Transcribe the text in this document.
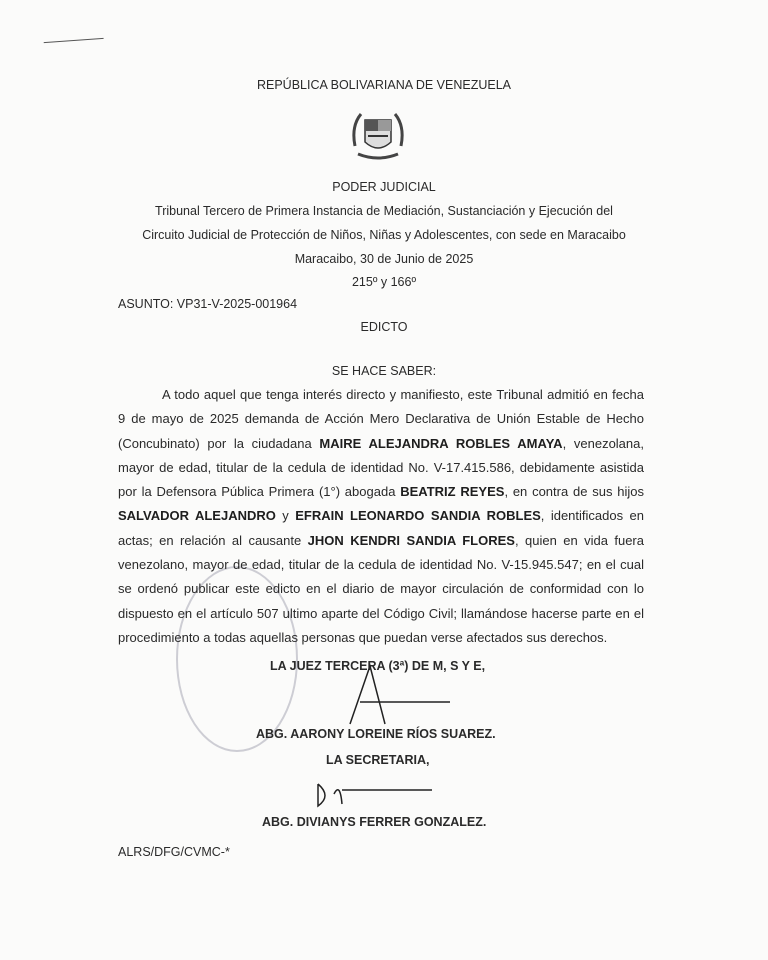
REPÚBLICA BOLIVARIANA DE VENEZUELA
PODER JUDICIAL
Tribunal Tercero de Primera Instancia de Mediación, Sustanciación y Ejecución del
Circuito Judicial de Protección de Niños, Niñas y Adolescentes, con sede en Maracaibo
Maracaibo, 30 de Junio de 2025
215º y 166º
ASUNTO: VP31-V-2025-001964
EDICTO
SE HACE SABER:

A todo aquel que tenga interés directo y manifiesto, este Tribunal admitió en fecha 9 de mayo de 2025 demanda de Acción Mero Declarativa de Unión Estable de Hecho (Concubinato) por la ciudadana MAIRE ALEJANDRA ROBLES AMAYA, venezolana, mayor de edad, titular de la cedula de identidad No. V-17.415.586, debidamente asistida por la Defensora Pública Primera (1°) abogada BEATRIZ REYES, en contra de sus hijos SALVADOR ALEJANDRO y EFRAIN LEONARDO SANDIA ROBLES, identificados en actas; en relación al causante JHON KENDRI SANDIA FLORES, quien en vida fuera venezolano, mayor de edad, titular de la cedula de identidad No. V-15.945.547; en el cual se ordenó publicar este edicto en el diario de mayor circulación de conformidad con lo dispuesto en el artículo 507 ultimo aparte del Código Civil; llamándose hacerse parte en el procedimiento a todas aquellas personas que puedan verse afectados sus derechos.

LA JUEZ TERCERA (3ª) DE M, S Y E,
ABG. AARONY LOREINE RÍOS SUAREZ.
LA SECRETARIA,
ABG. DIVIANYS FERRER GONZALEZ.
ALRS/DFG/CVMC-*
